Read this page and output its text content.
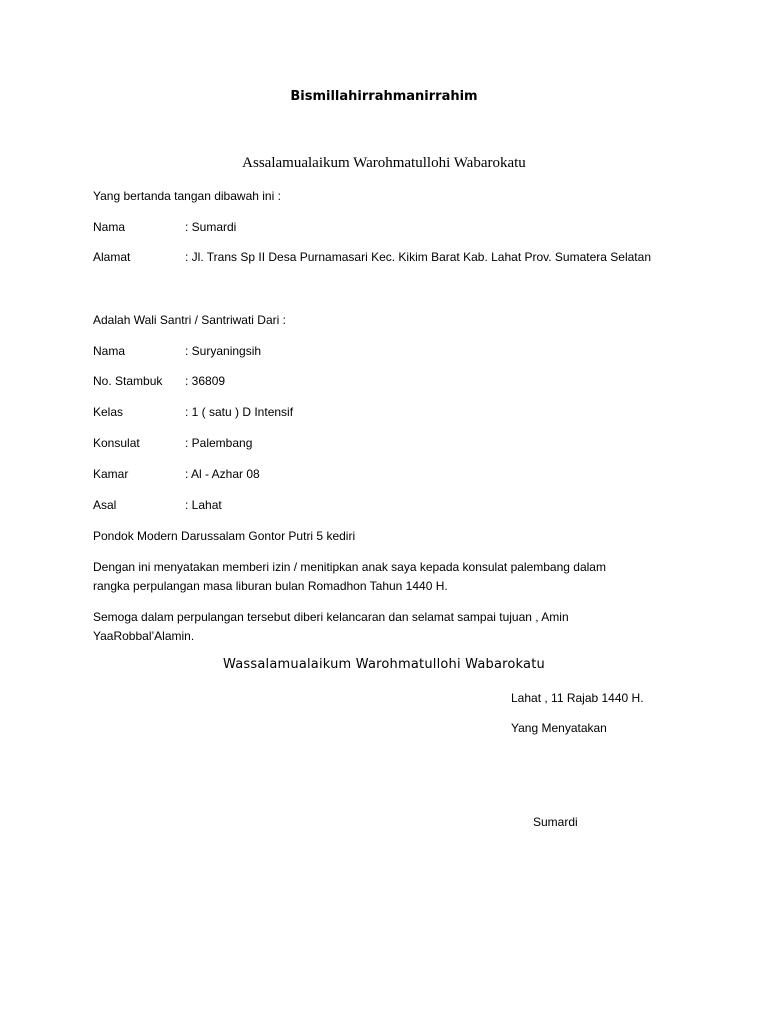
Bismillahirrahmanirrahim
Assalamualaikum Warohmatullohi Wabarokatu
Yang bertanda tangan dibawah ini :
Nama	: Sumardi
Alamat	: Jl. Trans Sp II Desa Purnamasari Kec. Kikim Barat Kab. Lahat Prov. Sumatera Selatan
Adalah Wali Santri / Santriwati Dari :
Nama	: Suryaningsih
No. Stambuk : 36809
Kelas	: 1 ( satu ) D Intensif
Konsulat	: Palembang
Kamar	: Al - Azhar 08
Asal	: Lahat
Pondok Modern Darussalam Gontor Putri 5 kediri
Dengan ini menyatakan memberi izin / menitipkan anak saya kepada konsulat palembang dalam
rangka perpulangan masa liburan bulan Romadhon Tahun 1440 H.
Semoga dalam perpulangan tersebut diberi kelancaran dan selamat sampai tujuan , Amin
YaaRobbal’Alamin.
Wassalamualaikum Warohmatullohi Wabarokatu
Lahat , 11 Rajab 1440 H.
Yang Menyatakan
Sumardi
